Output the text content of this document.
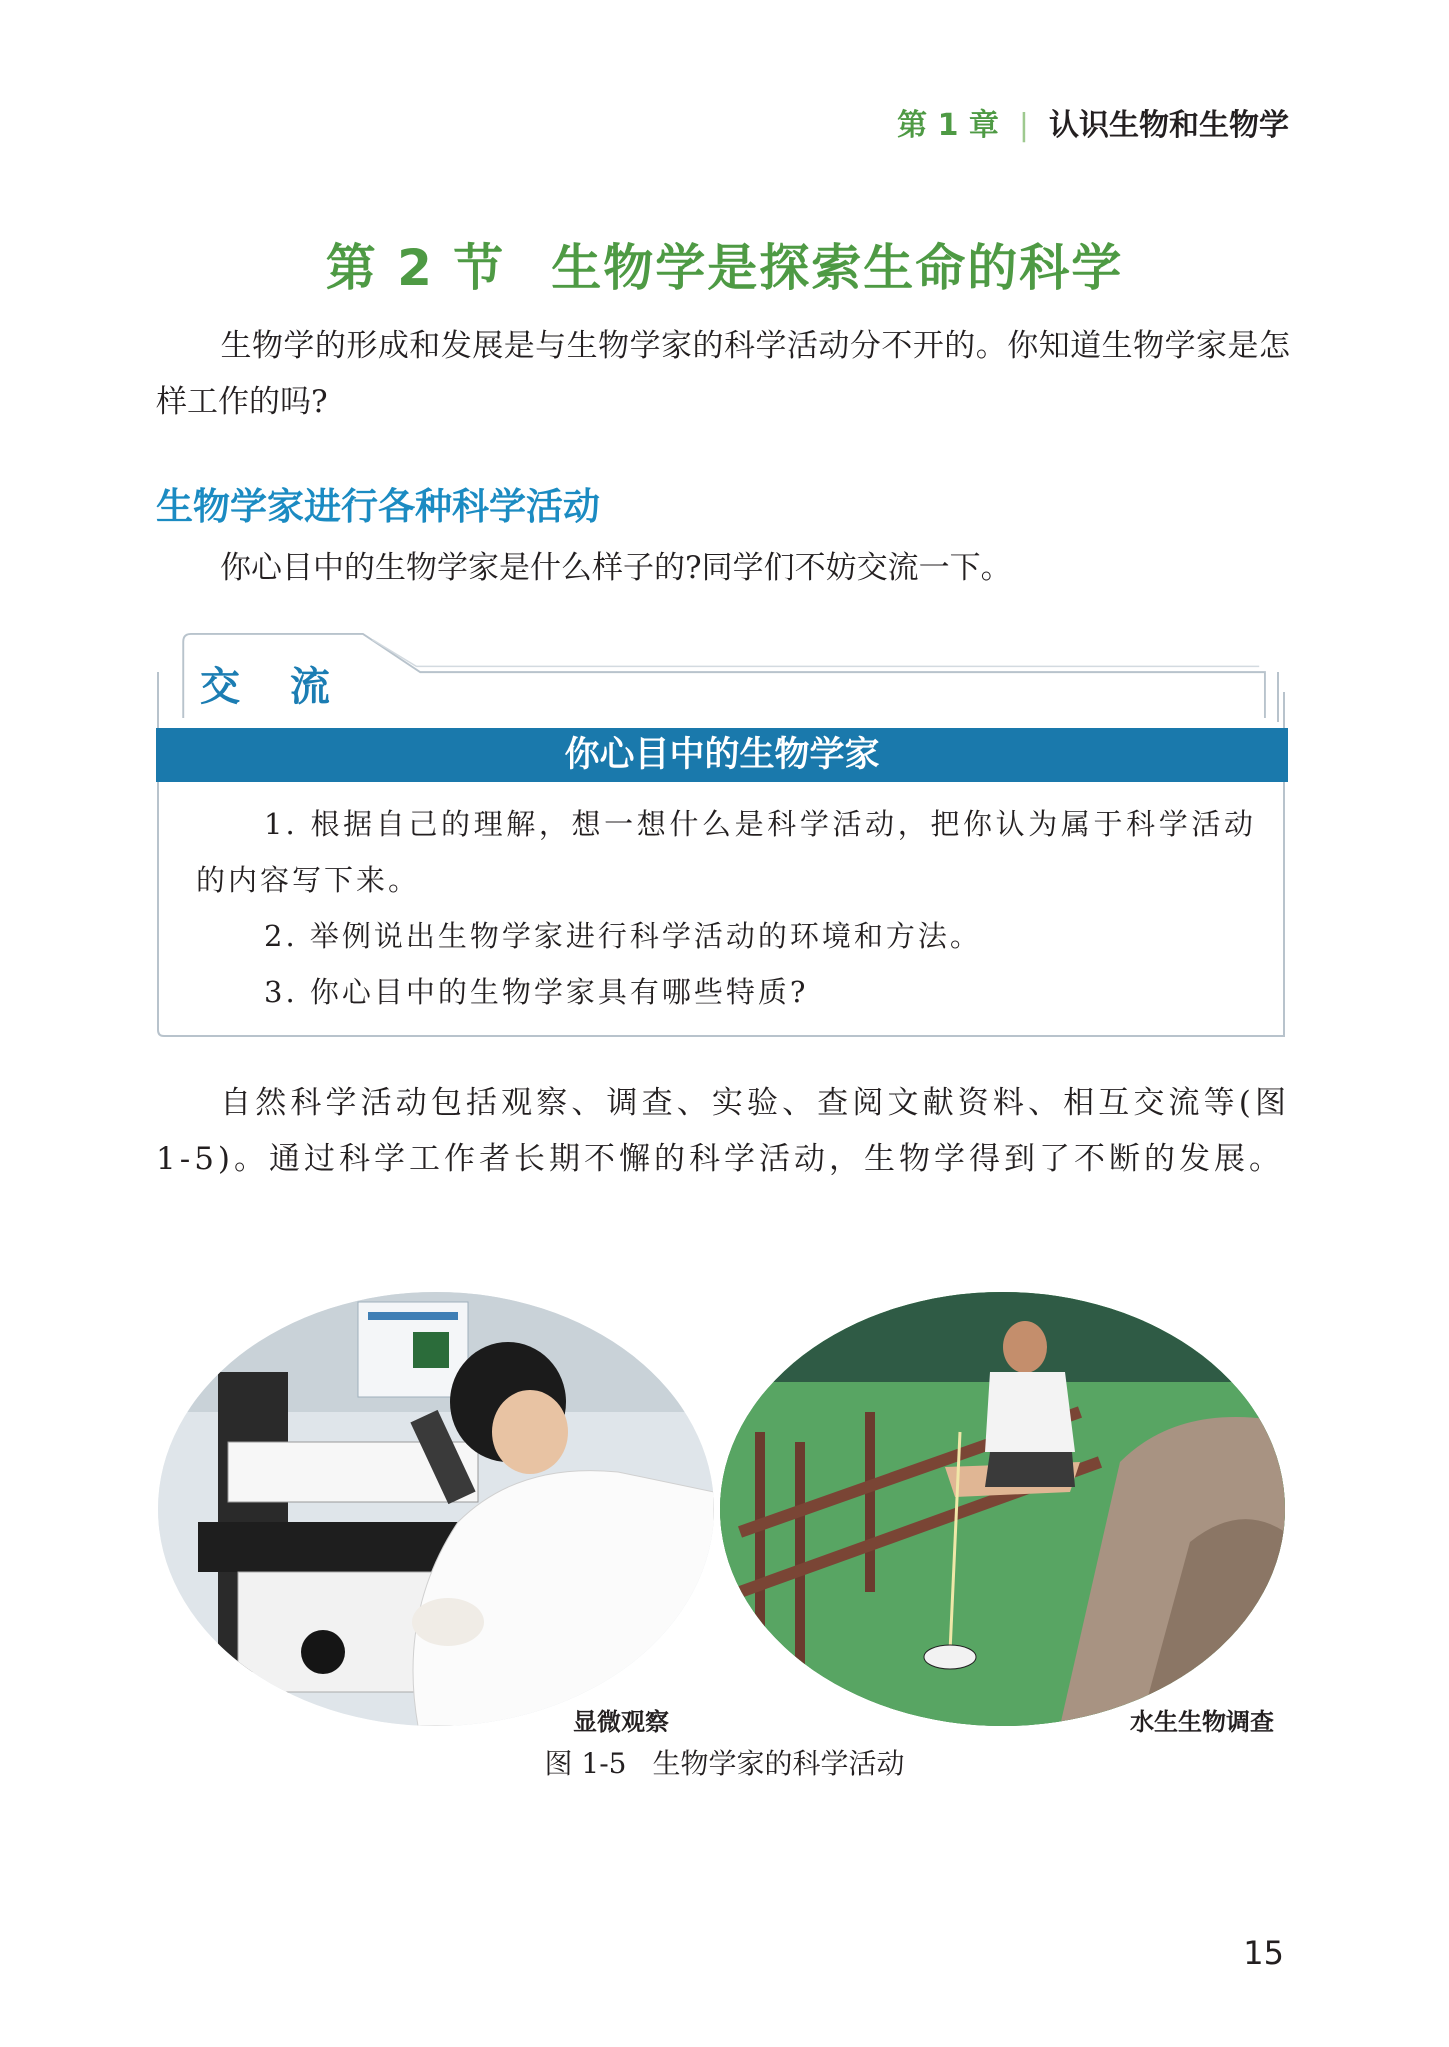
第 1 章 | 认识生物和生物学
第 2 节 生物学是探索生命的科学
生物学的形成和发展是与生物学家的科学活动分不开的。你知道生物学家是怎样工作的吗?
生物学家进行各种科学活动
你心目中的生物学家是什么样子的?同学们不妨交流一下。
交 流
你心目中的生物学家
1. 根据自己的理解，想一想什么是科学活动，把你认为属于科学活动的内容写下来。
2. 举例说出生物学家进行科学活动的环境和方法。
3. 你心目中的生物学家具有哪些特质?
自然科学活动包括观察、调查、实验、查阅文献资料、相互交流等(图 1-5)。通过科学工作者长期不懈的科学活动，生物学得到了不断的发展。
显微观察	水生生物调查
图 1-5 生物学家的科学活动
15
